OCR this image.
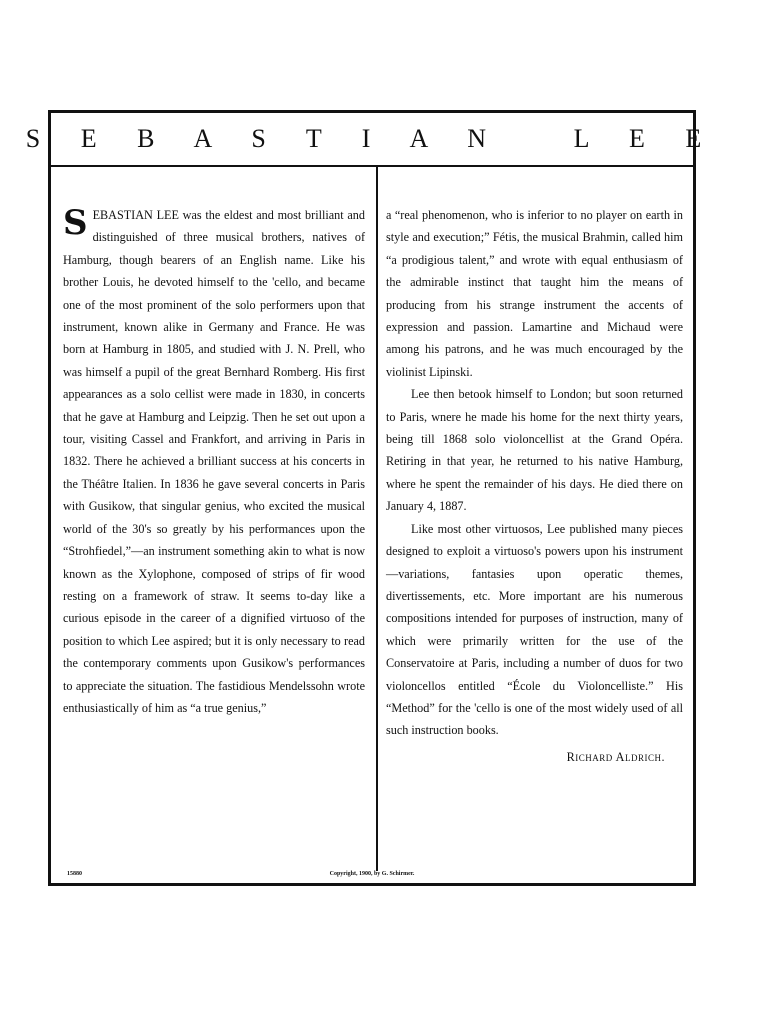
S E B A S T I A N   L E E

SEBASTIAN LEE was the eldest and most brilliant and distinguished of three musical brothers, natives of Hamburg, though bearers of an English name. Like his brother Louis, he devoted himself to the 'cello, and became one of the most prominent of the solo performers upon that instrument, known alike in Germany and France. He was born at Hamburg in 1805, and studied with J. N. Prell, who was himself a pupil of the great Bernhard Romberg. His first appearances as a solo cellist were made in 1830, in concerts that he gave at Hamburg and Leipzig. Then he set out upon a tour, visiting Cassel and Frankfort, and arriving in Paris in 1832. There he achieved a brilliant success at his concerts in the Théâtre Italien. In 1836 he gave several concerts in Paris with Gusikow, that singular genius, who excited the musical world of the 30's so greatly by his performances upon the “Strohfiedel,”—an instrument something akin to what is now known as the Xylophone, composed of strips of fir wood resting on a framework of straw. It seems to-day like a curious episode in the career of a dignified virtuoso of the position to which Lee aspired; but it is only necessary to read the contemporary comments upon Gusikow's performances to appreciate the situation. The fastidious Mendelssohn wrote enthusiastically of him as “a true genius,”

a “real phenomenon, who is inferior to no player on earth in style and execution;” Fétis, the musical Brahmin, called him “a prodigious talent,” and wrote with equal enthusiasm of the admirable instinct that taught him the means of producing from his strange instrument the accents of expression and passion. Lamartine and Michaud were among his patrons, and he was much encouraged by the violinist Lipinski.

Lee then betook himself to London; but soon returned to Paris, wnere he made his home for the next thirty years, being till 1868 solo violoncellist at the Grand Opéra. Retiring in that year, he returned to his native Hamburg, where he spent the remainder of his days. He died there on January 4, 1887.

Like most other virtuosos, Lee published many pieces designed to exploit a virtuoso's powers upon his instrument—variations, fantasies upon operatic themes, divertissements, etc. More important are his numerous compositions intended for purposes of instruction, many of which were primarily written for the use of the Conservatoire at Paris, including a number of duos for two violoncellos entitled “École du Violoncelliste.” His “Method” for the 'cello is one of the most widely used of all such instruction books.

Richard Aldrich.

15880	Copyright, 1900, by G. Schirmer.
